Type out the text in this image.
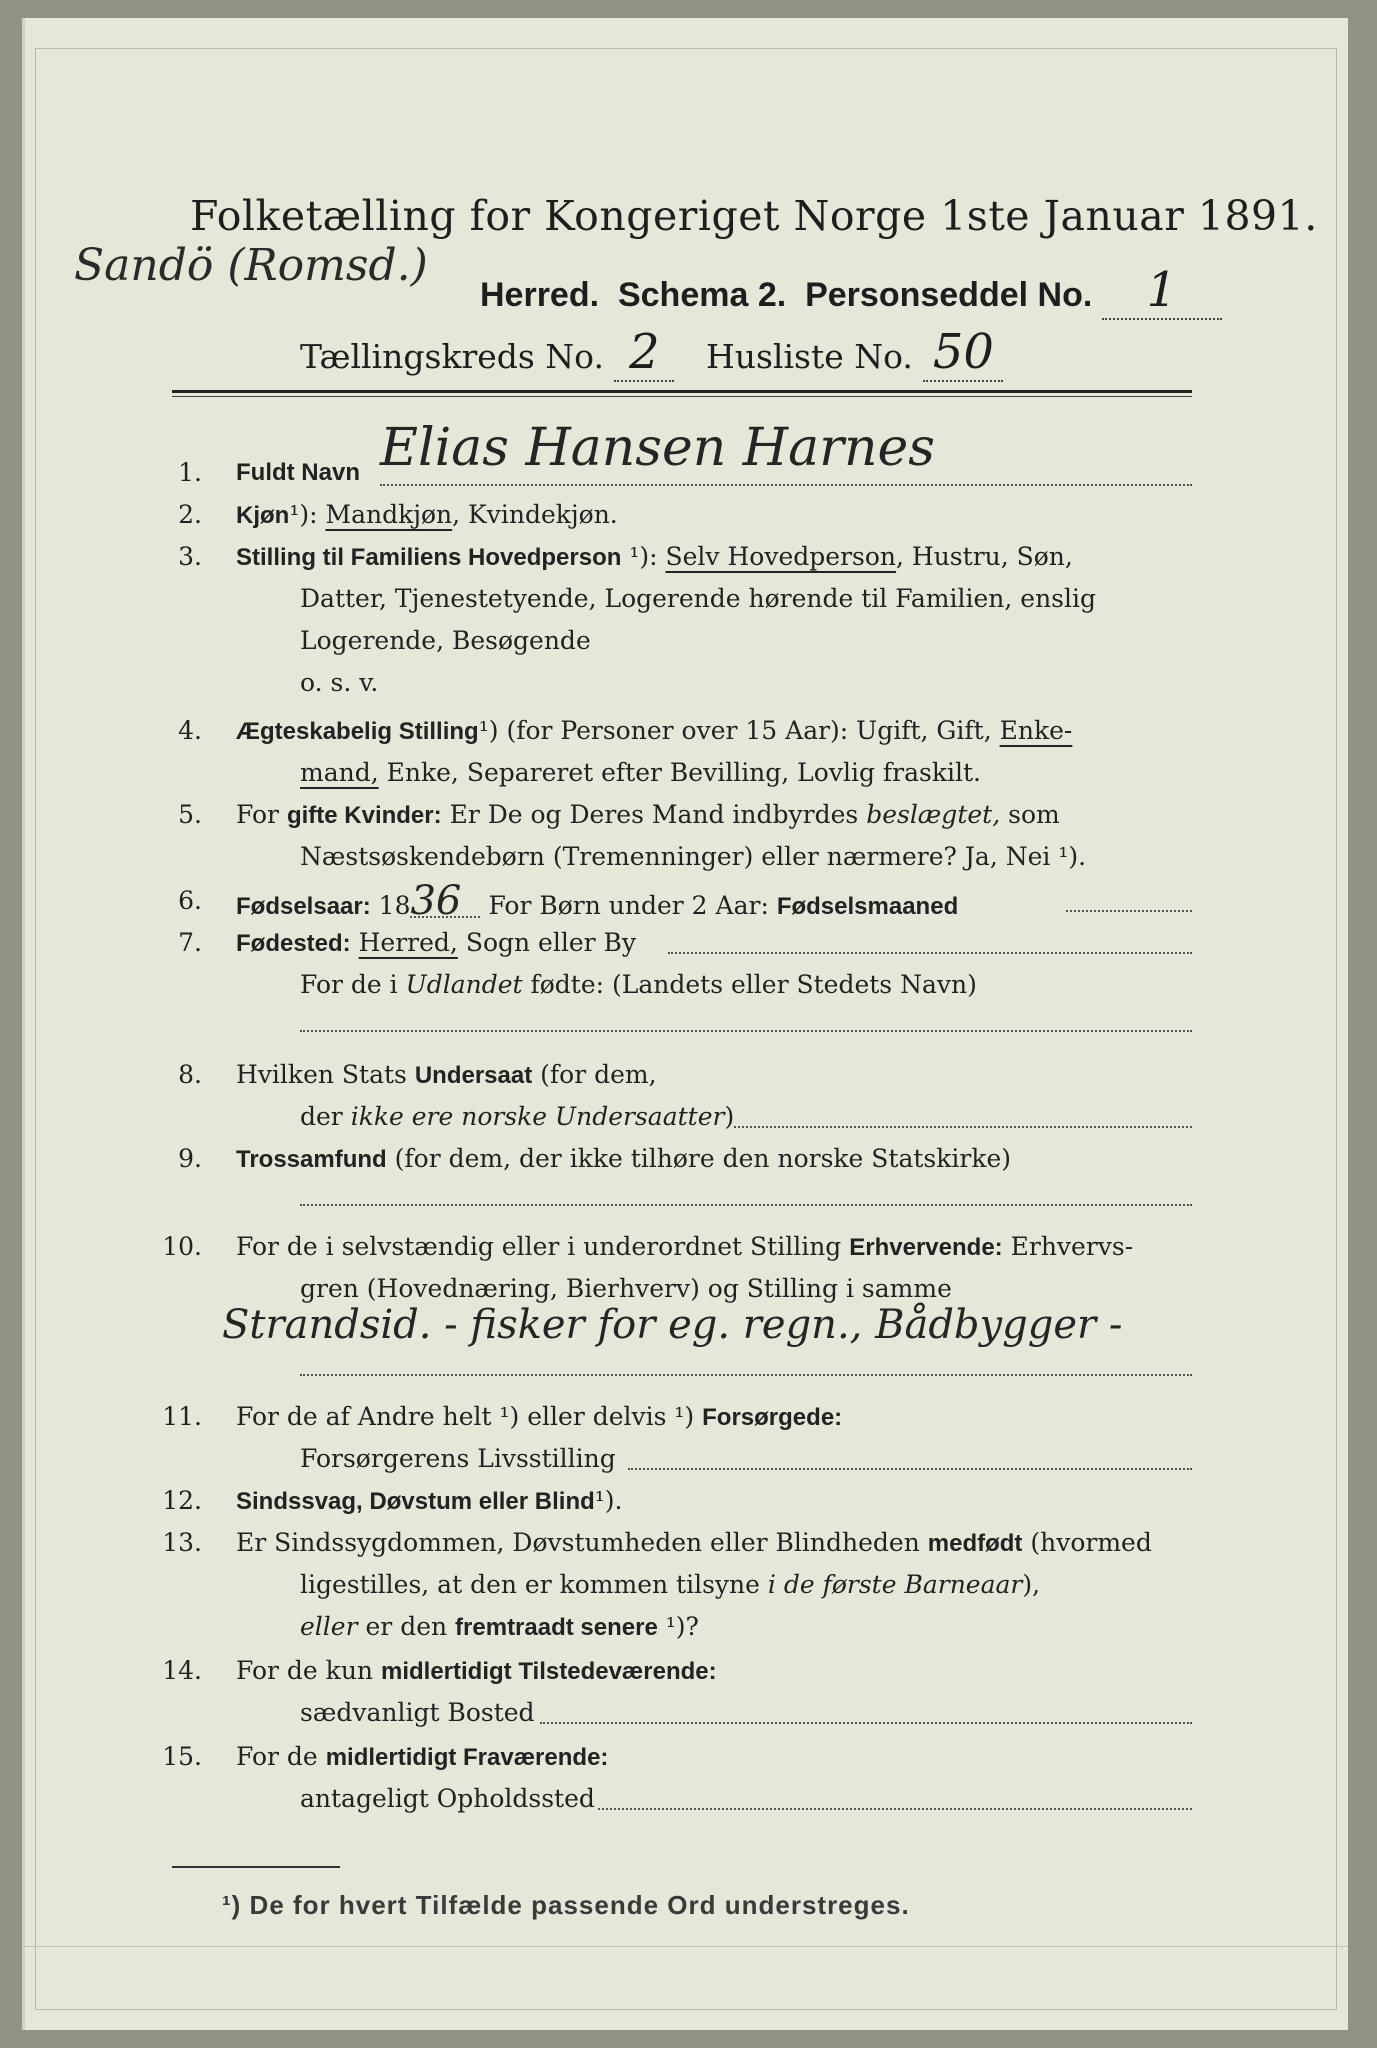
Folketælling for Kongeriget Norge 1ste Januar 1891.
Sandö (Romsd.)
Herred. Schema 2. Personseddel No. 1
Tællingskreds No. 2 Husliste No. 50
1. Fuldt Navn Elias Hansen Harnes
2. Kjøn¹): Mandkjøn, Kvindekjøn.
3. Stilling til Familiens Hovedperson ¹): Selv Hovedperson, Hustru, Søn,
Datter, Tjenestetyende, Logerende hørende til Familien, enslig
Logerende, Besøgende
o. s. v.
4. Ægteskabelig Stilling¹) (for Personer over 15 Aar): Ugift, Gift, Enke-
mand, Enke, Separeret efter Bevilling, Lovlig fraskilt.
5. For gifte Kvinder: Er De og Deres Mand indbyrdes beslægtet, som
Næstsøskendebørn (Tremenninger) eller nærmere? Ja, Nei ¹).
6. Fødselsaar: 1836 For Børn under 2 Aar: Fødselsmaaned
7. Fødested: Herred, Sogn eller By
For de i Udlandet fødte: (Landets eller Stedets Navn)
8. Hvilken Stats Undersaat (for dem,
der ikke ere norske Undersaatter)
9. Trossamfund (for dem, der ikke tilhøre den norske Statskirke)
10. For de i selvstændig eller i underordnet Stilling Erhvervende: Erhvervs-
gren (Hovednæring, Bierhverv) og Stilling i samme
Strandsid. - fisker for eg. regn., Bådbygger -
11. For de af Andre helt ¹) eller delvis ¹) Forsørgede:
Forsørgerens Livsstilling
12. Sindssvag, Døvstum eller Blind¹).
13. Er Sindssygdommen, Døvstumheden eller Blindheden medfødt (hvormed
ligestilles, at den er kommen tilsyne i de første Barneaar),
eller er den fremtraadt senere ¹)?
14. For de kun midlertidigt Tilstedeværende:
sædvanligt Bosted
15. For de midlertidigt Fraværende:
antageligt Opholdssted
¹) De for hvert Tilfælde passende Ord understreges.
